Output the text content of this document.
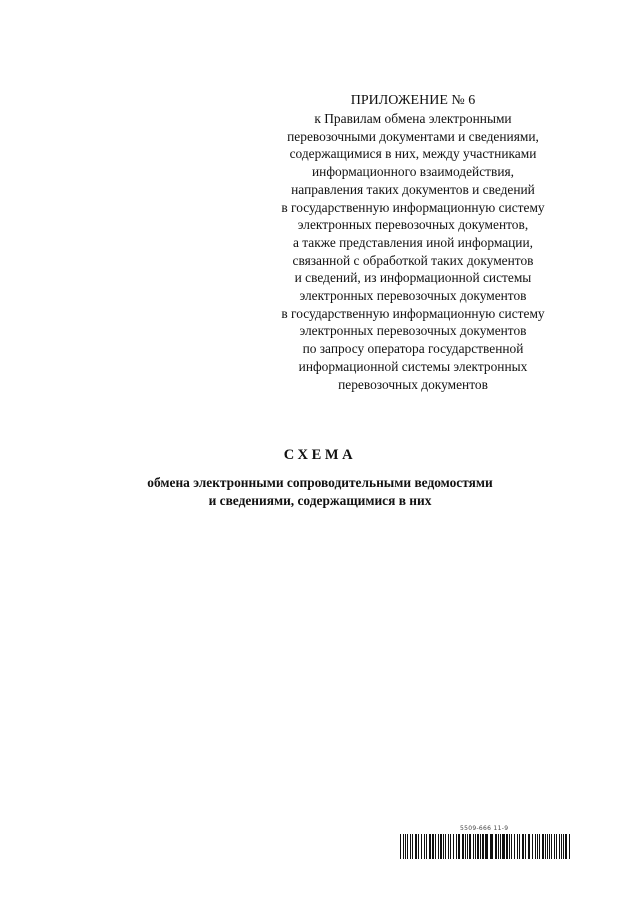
ПРИЛОЖЕНИЕ № 6
к Правилам обмена электронными
перевозочными документами и сведениями,
содержащимися в них, между участниками
информационного взаимодействия,
направления таких документов и сведений
в государственную информационную систему
электронных перевозочных документов,
а также представления иной информации,
связанной с обработкой таких документов
и сведений, из информационной системы
электронных перевозочных документов
в государственную информационную систему
электронных перевозочных документов
по запросу оператора государственной
информационной системы электронных
перевозочных документов
СХЕМА
обмена электронными сопроводительными ведомостями
и сведениями, содержащимися в них
5509-666 11-9
